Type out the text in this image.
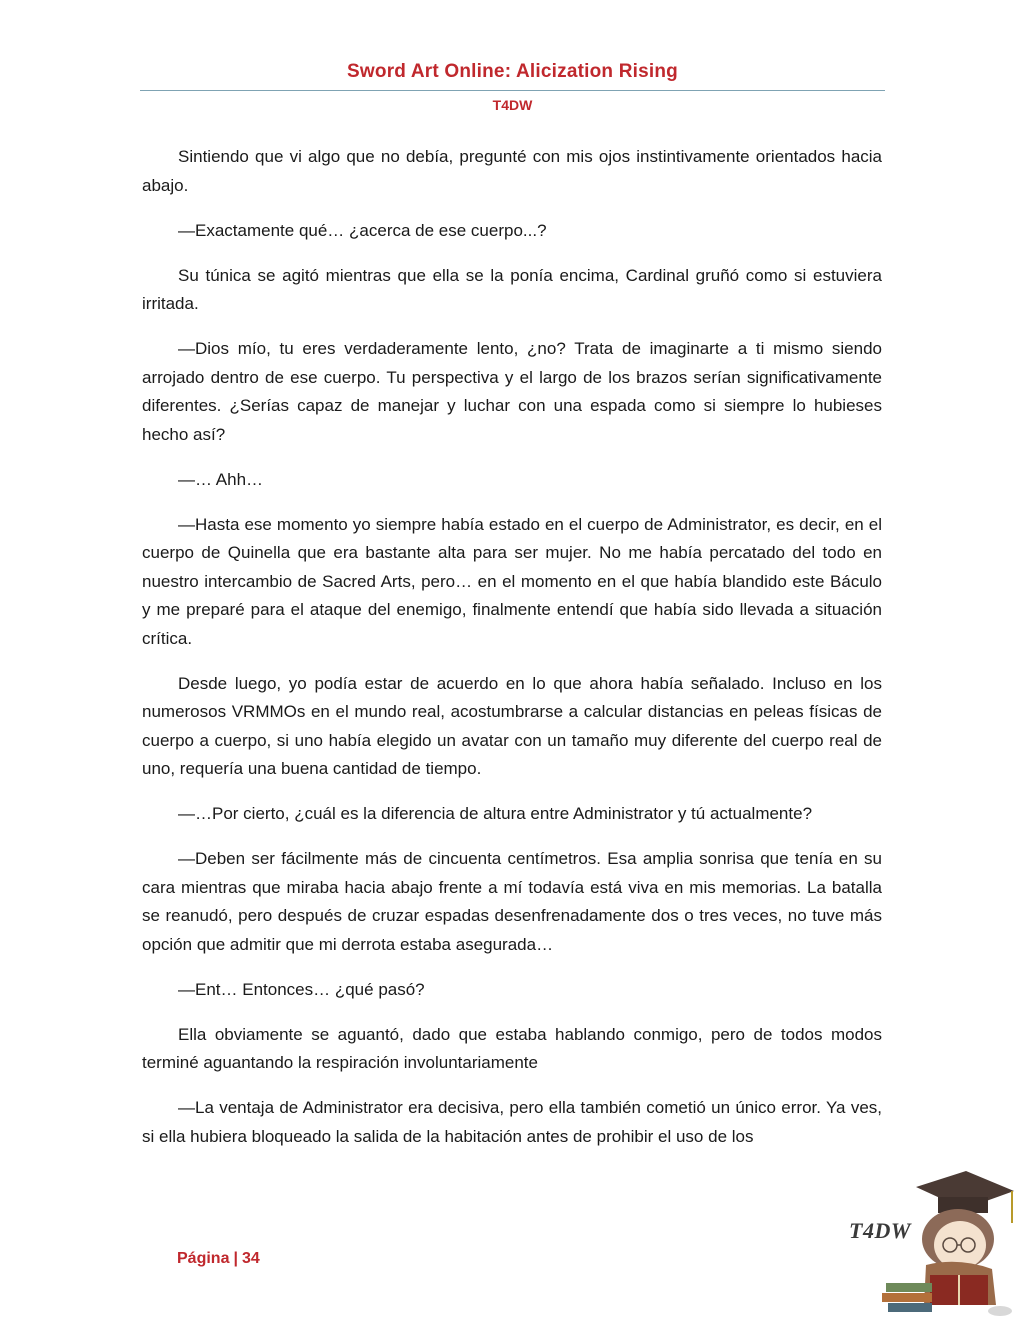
Sword Art Online: Alicization Rising
T4DW

Sintiendo que vi algo que no debía, pregunté con mis ojos instintivamente orientados hacia abajo.

—Exactamente qué… ¿acerca de ese cuerpo...?

Su túnica se agitó mientras que ella se la ponía encima, Cardinal gruñó como si estuviera irritada.

—Dios mío, tu eres verdaderamente lento, ¿no? Trata de imaginarte a ti mismo siendo arrojado dentro de ese cuerpo. Tu perspectiva y el largo de los brazos serían significativamente diferentes. ¿Serías capaz de manejar y luchar con una espada como si siempre lo hubieses hecho así?

—… Ahh…

—Hasta ese momento yo siempre había estado en el cuerpo de Administrator, es decir, en el cuerpo de Quinella que era bastante alta para ser mujer. No me había percatado del todo en nuestro intercambio de Sacred Arts, pero… en el momento en el que había blandido este Báculo y me preparé para el ataque del enemigo, finalmente entendí que había sido llevada a situación crítica.

Desde luego, yo podía estar de acuerdo en lo que ahora había señalado. Incluso en los numerosos VRMMOs en el mundo real, acostumbrarse a calcular distancias en peleas físicas de cuerpo a cuerpo, si uno había elegido un avatar con un tamaño muy diferente del cuerpo real de uno, requería una buena cantidad de tiempo.

—…Por cierto, ¿cuál es la diferencia de altura entre Administrator y tú actualmente?

—Deben ser fácilmente más de cincuenta centímetros. Esa amplia sonrisa que tenía en su cara mientras que miraba hacia abajo frente a mí todavía está viva en mis memorias. La batalla se reanudó, pero después de cruzar espadas desenfrenadamente dos o tres veces, no tuve más opción que admitir que mi derrota estaba asegurada…

—Ent… Entonces… ¿qué pasó?

Ella obviamente se aguantó, dado que estaba hablando conmigo, pero de todos modos terminé aguantando la respiración involuntariamente

—La ventaja de Administrator era decisiva, pero ella también cometió un único error. Ya ves, si ella hubiera bloqueado la salida de la habitación antes de prohibir el uso de los

Página | 34
T4DW
